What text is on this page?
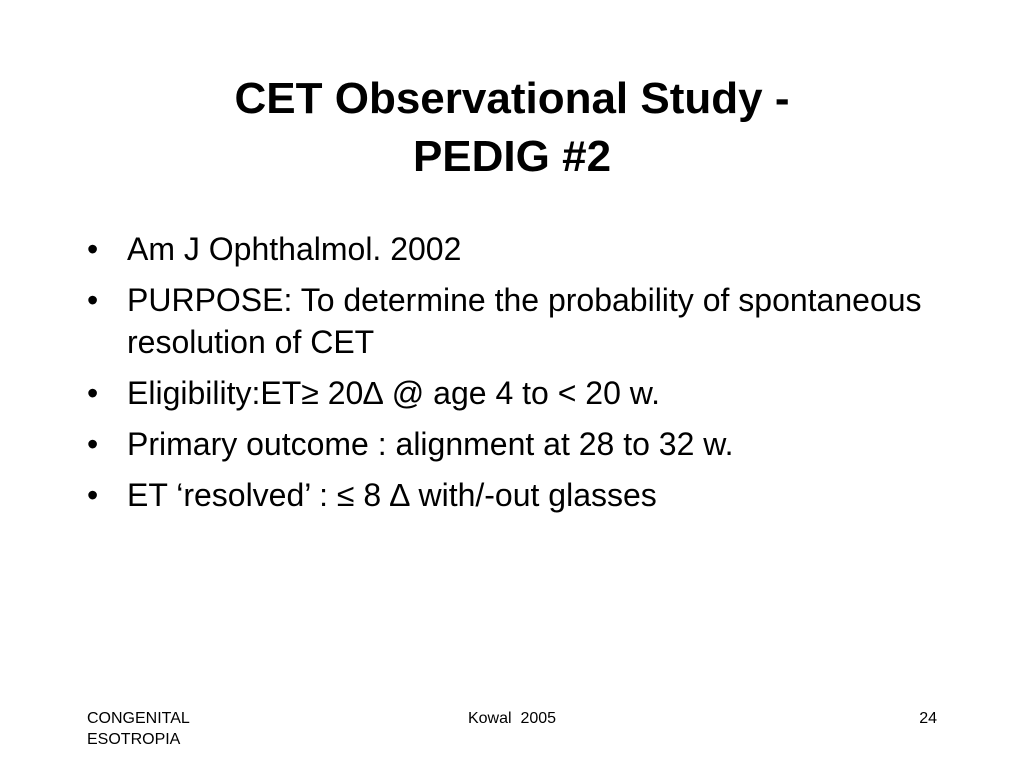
CET Observational Study -
PEDIG #2
• Am J Ophthalmol. 2002
• PURPOSE: To determine the probability of spontaneous resolution of CET
• Eligibility:ET≥ 20∆ @ age 4 to < 20 w.
• Primary outcome : alignment at 28 to 32 w.
• ET ‘resolved’ : ≤ 8 ∆ with/-out glasses
CONGENITAL
ESOTROPIA
Kowal  2005	24
